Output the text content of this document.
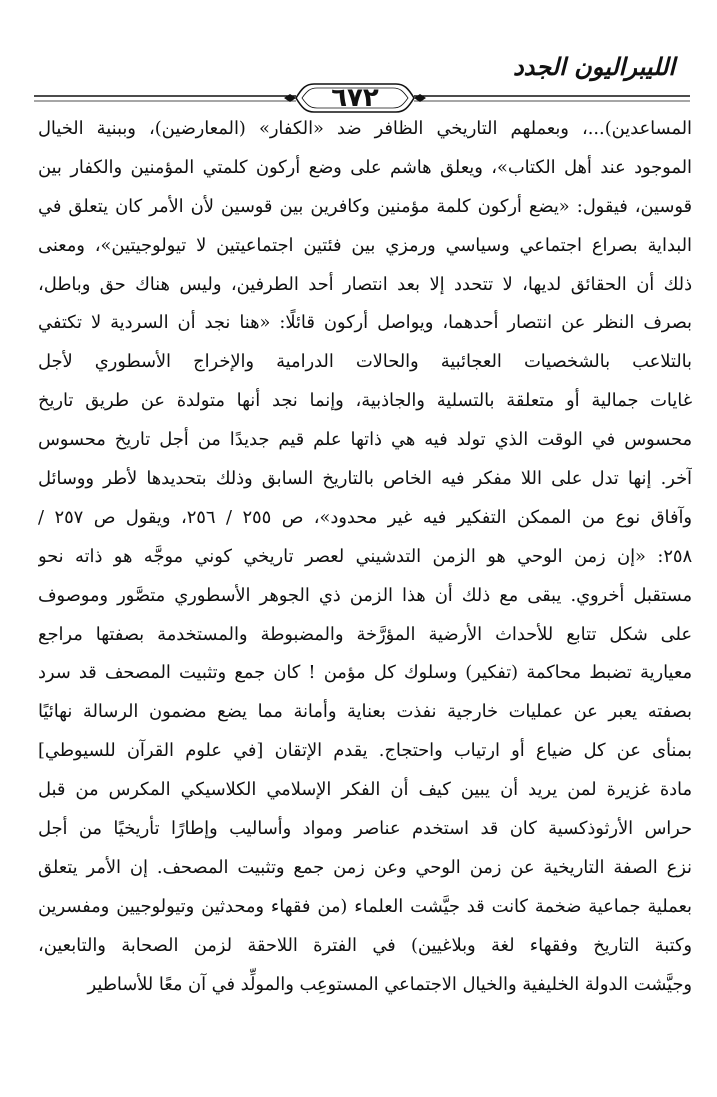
الليبراليون الجدد
٦٧٢
المساعدين)...، وبعملهم التاريخي الظافر ضد «الكفار» (المعارضين)، وببنية الخيال
الموجود عند أهل الكتاب»، ويعلق هاشم على وضع أركون كلمتي المؤمنين والكفار بين
قوسين، فيقول: «يضع أركون كلمة مؤمنين وكافرين بين قوسين لأن الأمر كان يتعلق في
البداية بصراع اجتماعي وسياسي ورمزي بين فئتين اجتماعيتين لا تيولوجيتين»، ومعنى
ذلك أن الحقائق لديها، لا تتحدد إلا بعد انتصار أحد الطرفين، وليس هناك حق وباطل،
بصرف النظر عن انتصار أحدهما، ويواصل أركون قائلًا: «هنا نجد أن السردية لا تكتفي
بالتلاعب بالشخصيات العجائبية والحالات الدرامية والإخراج الأسطوري لأجل
غايات جمالية أو متعلقة بالتسلية والجاذبية، وإنما نجد أنها متولدة عن طريق تاريخ
محسوس في الوقت الذي تولد فيه هي ذاتها علم قيم جديدًا من أجل تاريخ محسوس
آخر. إنها تدل على اللا مفكر فيه الخاص بالتاريخ السابق وذلك بتحديدها لأطر ووسائل
وآفاق نوع من الممكن التفكير فيه غير محدود»، ص ٢٥٥ / ٢٥٦، ويقول ص ٢٥٧ /
٢٥٨: «إن زمن الوحي هو الزمن التدشيني لعصر تاريخي كوني موجَّه هو ذاته نحو
مستقبل أخروي. يبقى مع ذلك أن هذا الزمن ذي الجوهر الأسطوري متصَّور وموصوف
على شكل تتابع للأحداث الأرضية المؤرَّخة والمضبوطة والمستخدمة بصفتها مراجع
معيارية تضبط محاكمة (تفكير) وسلوك كل مؤمن ! كان جمع وتثبيت المصحف قد سرد
بصفته يعبر عن عمليات خارجية نفذت بعناية وأمانة مما يضع مضمون الرسالة نهائيًا
بمنأى عن كل ضياع أو ارتياب واحتجاج. يقدم الإتقان [في علوم القرآن للسيوطي]
مادة غزيرة لمن يريد أن يبين كيف أن الفكر الإسلامي الكلاسيكي المكرس من قبل
حراس الأرثوذكسية كان قد استخدم عناصر ومواد وأساليب وإطارًا تأريخيًا من أجل
نزع الصفة التاريخية عن زمن الوحي وعن زمن جمع وتثبيت المصحف. إن الأمر يتعلق
بعملية جماعية ضخمة كانت قد جيَّشت العلماء (من فقهاء ومحدثين وتيولوجيين ومفسرين
وكتبة التاريخ وفقهاء لغة وبلاغيين) في الفترة اللاحقة لزمن الصحابة والتابعين،
وجيَّشت الدولة الخليفية والخيال الاجتماعي المستوعِب والمولِّد في آن معًا للأساطير
